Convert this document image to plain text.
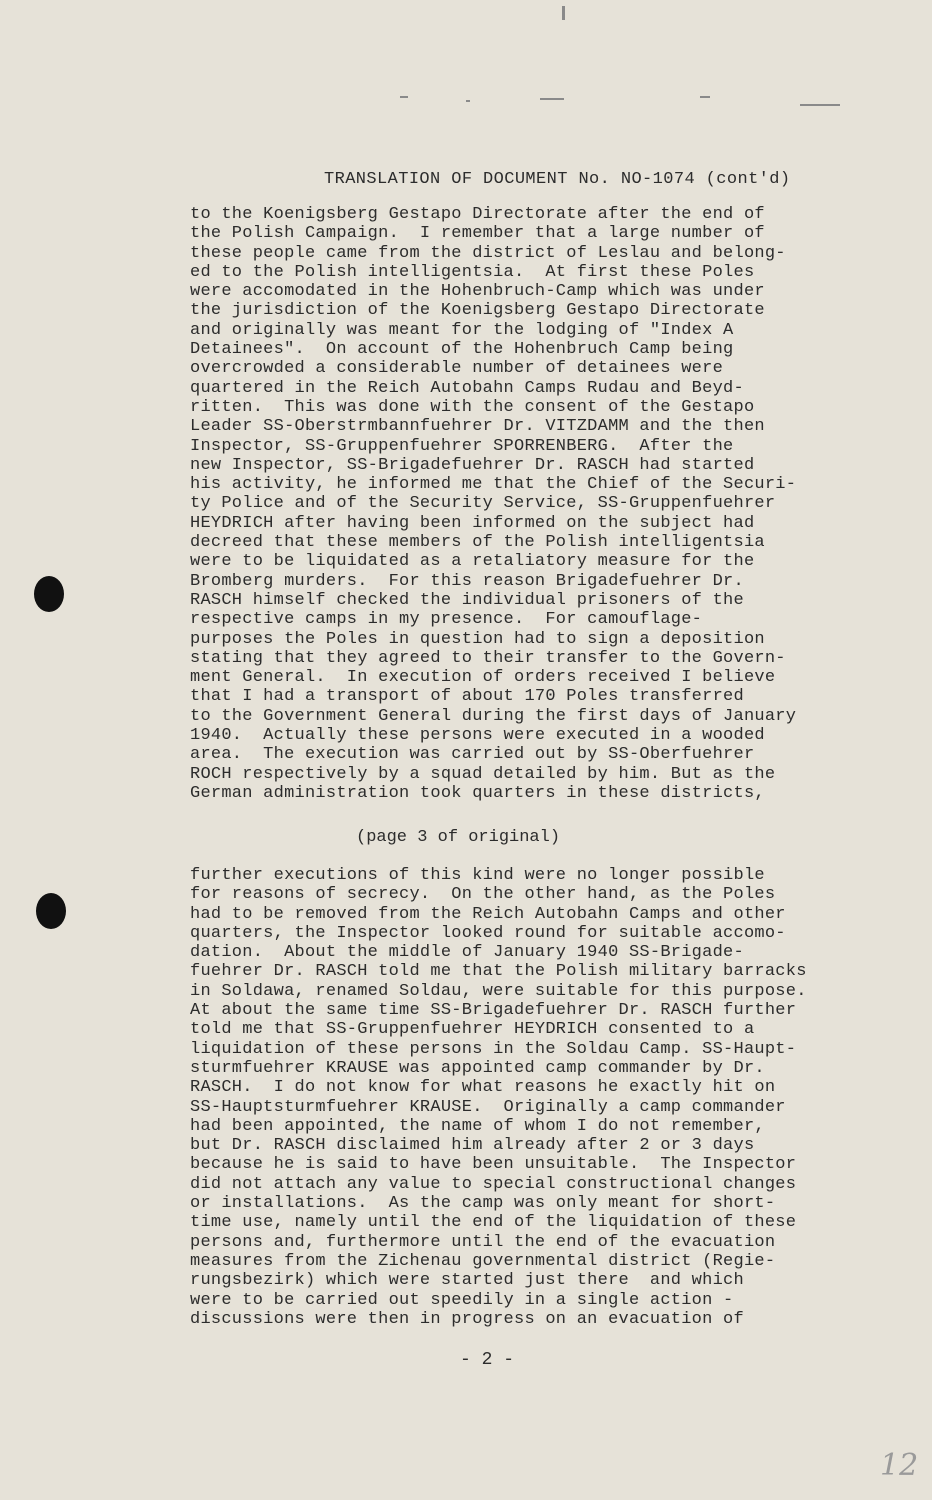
TRANSLATION OF DOCUMENT No. NO-1074 (cont'd)
to the Koenigsberg Gestapo Directorate after the end of
the Polish Campaign.  I remember that a large number of
these people came from the district of Leslau and belong-
ed to the Polish intelligentsia.  At first these Poles
were accomodated in the Hohenbruch-Camp which was under
the jurisdiction of the Koenigsberg Gestapo Directorate
and originally was meant for the lodging of "Index A
Detainees".  On account of the Hohenbruch Camp being
overcrowded a considerable number of detainees were
quartered in the Reich Autobahn Camps Rudau and Beyd-
ritten.  This was done with the consent of the Gestapo
Leader SS-Oberstrmbannfuehrer Dr. VITZDAMM and the then
Inspector, SS-Gruppenfuehrer SPORRENBERG.  After the
new Inspector, SS-Brigadefuehrer Dr. RASCH had started
his activity, he informed me that the Chief of the Securi-
ty Police and of the Security Service, SS-Gruppenfuehrer
HEYDRICH after having been informed on the subject had
decreed that these members of the Polish intelligentsia
were to be liquidated as a retaliatory measure for the
Bromberg murders.  For this reason Brigadefuehrer Dr.
RASCH himself checked the individual prisoners of the
respective camps in my presence.  For camouflage-
purposes the Poles in question had to sign a deposition
stating that they agreed to their transfer to the Govern-
ment General.  In execution of orders received I believe
that I had a transport of about 170 Poles transferred
to the Government General during the first days of January
1940.  Actually these persons were executed in a wooded
area.  The execution was carried out by SS-Oberfuehrer
ROCH respectively by a squad detailed by him. But as the
German administration took quarters in these districts,
(page 3 of original)
further executions of this kind were no longer possible
for reasons of secrecy.  On the other hand, as the Poles
had to be removed from the Reich Autobahn Camps and other
quarters, the Inspector looked round for suitable accomo-
dation.  About the middle of January 1940 SS-Brigade-
fuehrer Dr. RASCH told me that the Polish military barracks
in Soldawa, renamed Soldau, were suitable for this purpose.
At about the same time SS-Brigadefuehrer Dr. RASCH further
told me that SS-Gruppenfuehrer HEYDRICH consented to a
liquidation of these persons in the Soldau Camp. SS-Haupt-
sturmfuehrer KRAUSE was appointed camp commander by Dr.
RASCH.  I do not know for what reasons he exactly hit on
SS-Hauptsturmfuehrer KRAUSE.  Originally a camp commander
had been appointed, the name of whom I do not remember,
but Dr. RASCH disclaimed him already after 2 or 3 days
because he is said to have been unsuitable.  The Inspector
did not attach any value to special constructional changes
or installations.  As the camp was only meant for short-
time use, namely until the end of the liquidation of these
persons and, furthermore until the end of the evacuation
measures from the Zichenau governmental district (Regie-
rungsbezirk) which were started just there  and which
were to be carried out speedily in a single action -
discussions were then in progress on an evacuation of
- 2 -
12
